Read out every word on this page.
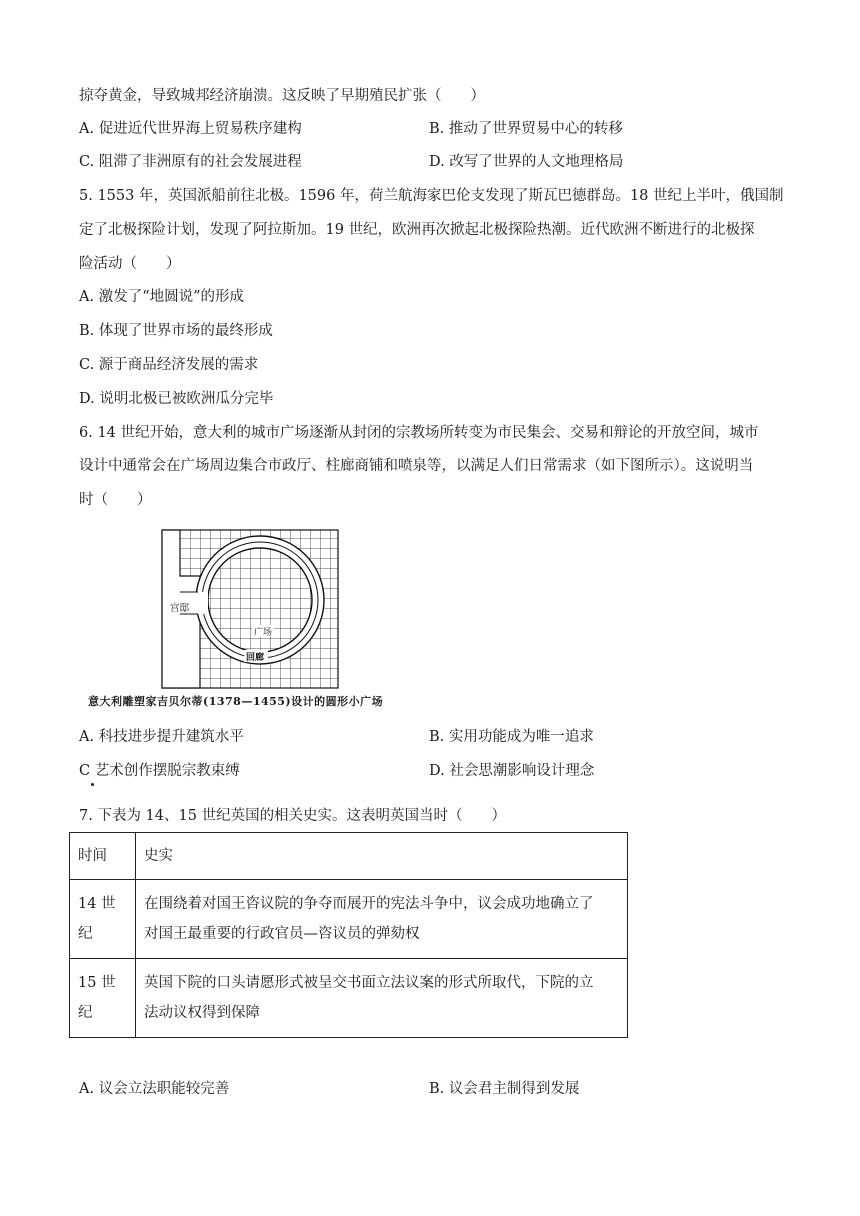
掠夺黄金，导致城邦经济崩溃。这反映了早期殖民扩张（　　）
A. 促进近代世界海上贸易秩序建构	B. 推动了世界贸易中心的转移
C. 阻滞了非洲原有的社会发展进程	D. 改写了世界的人文地理格局
5. 1553 年，英国派船前往北极。1596 年，荷兰航海家巴伦支发现了斯瓦巴德群岛。18 世纪上半叶，俄国制
定了北极探险计划，发现了阿拉斯加。19 世纪，欧洲再次掀起北极探险热潮。近代欧洲不断进行的北极探
险活动（　　）
A. 激发了“地圆说”的形成
B. 体现了世界市场的最终形成
C. 源于商品经济发展的需求
D. 说明北极已被欧洲瓜分完毕
6. 14 世纪开始，意大利的城市广场逐渐从封闭的宗教场所转变为市民集会、交易和辩论的开放空间，城市
设计中通常会在广场周边集合市政厅、柱廊商铺和喷泉等，以满足人们日常需求（如下图所示）。这说明当
时（　　）
宫邸
广场
回廊
意大利雕塑家吉贝尔蒂(1378—1455)设计的圆形小广场
A. 科技进步提升建筑水平	B. 实用功能成为唯一追求
C 艺术创作摆脱宗教束缚	D. 社会思潮影响设计理念
7. 下表为 14、15 世纪英国的相关史实。这表明英国当时（　　）
时间	史实
14 世纪	在围绕着对国王咨议院的争夺而展开的宪法斗争中，议会成功地确立了
对国王最重要的行政官员—咨议员的弹劾权

15 世纪	英国下院的口头请愿形式被呈交书面立法议案的形式所取代，下院的立
法动议权得到保障
A. 议会立法职能较完善	B. 议会君主制得到发展
